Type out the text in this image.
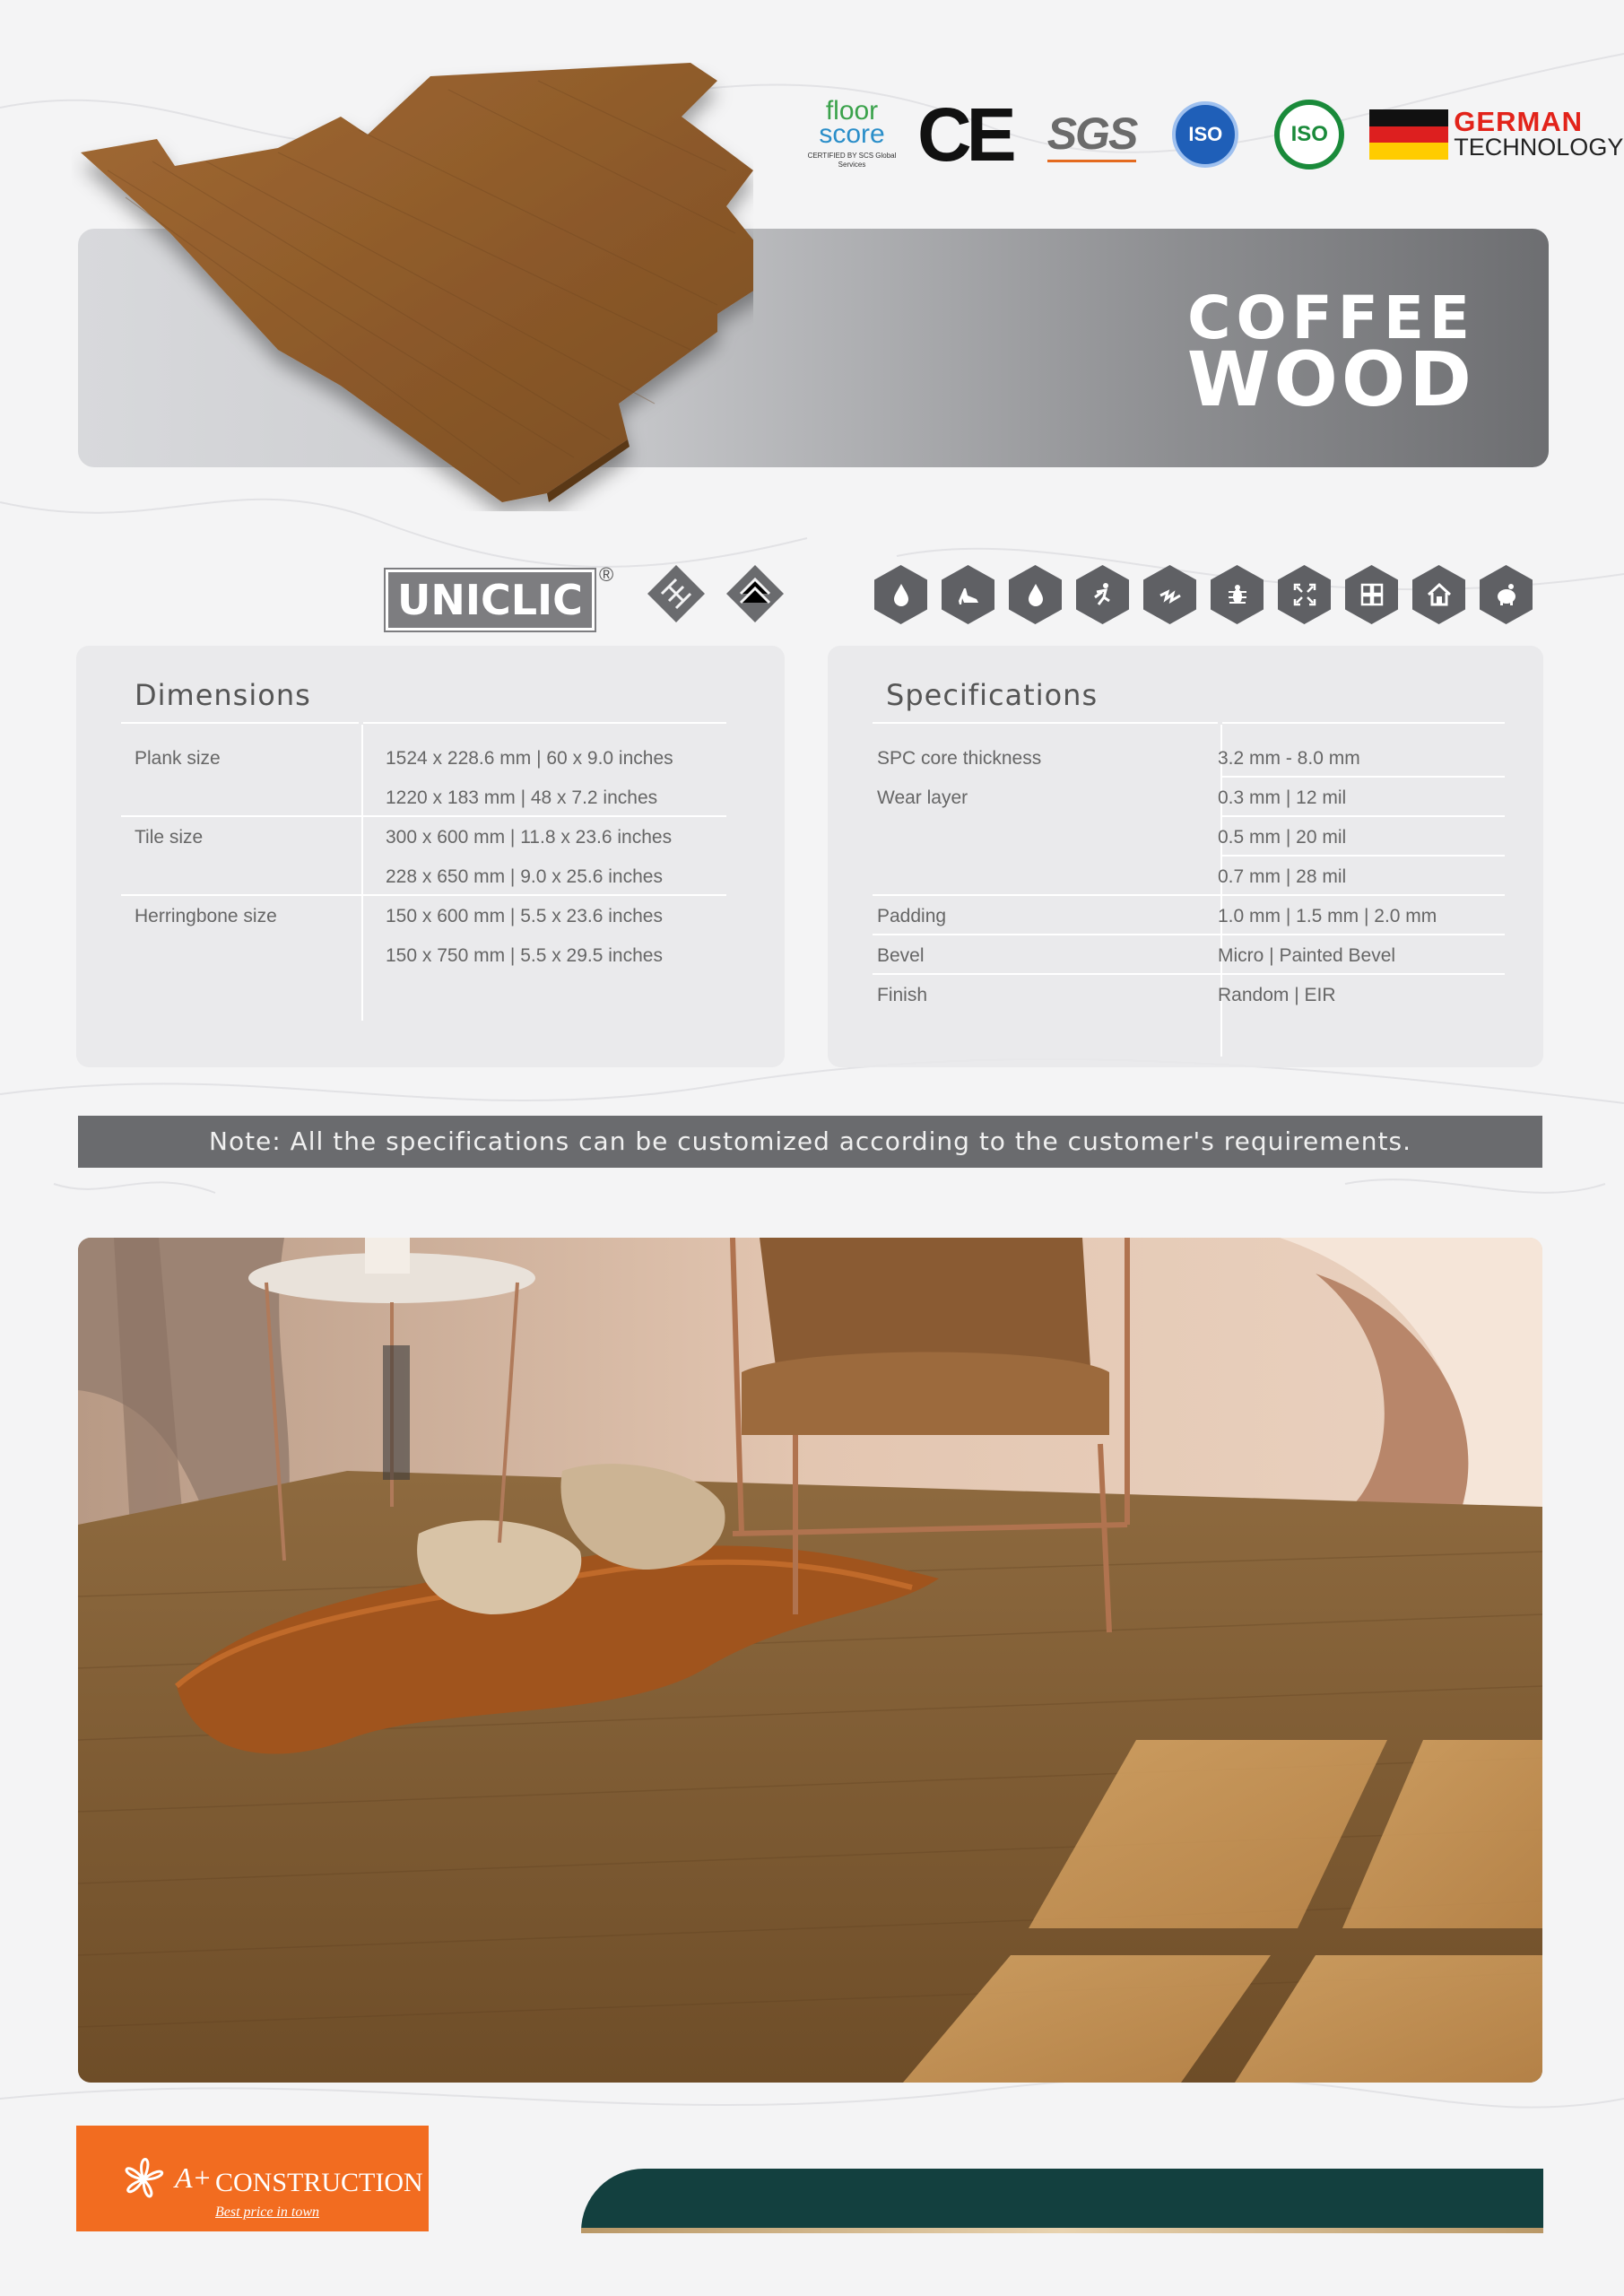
floor
score
CERTIFIED BY SCS Global Services CE SGS	ISO	ISO	GERMAN
TECHNOLOGY
COFFEE
WOOD
UNICLIC
®
Dimensions
Plank size	1524 x 228.6 mm | 60 x 9.0 inches
1220 x 183 mm | 48 x 7.2 inches
Tile size	300 x 600 mm | 11.8 x 23.6 inches
228 x 650 mm | 9.0 x 25.6 inches
Herringbone size	150 x 600 mm | 5.5 x 23.6 inches
150 x 750 mm | 5.5 x 29.5 inches
Specifications
SPC core thickness	3.2 mm - 8.0 mm
Wear layer	0.3 mm | 12 mil
0.5 mm | 20 mil
0.7 mm | 28 mil
Padding	1.0 mm | 1.5 mm | 2.0 mm
Bevel	Micro | Painted Bevel
Finish	Random | EIR
Note: All the specifications can be customized according to the customer's requirements.
A+ CONSTRUCTION
Best price in town
